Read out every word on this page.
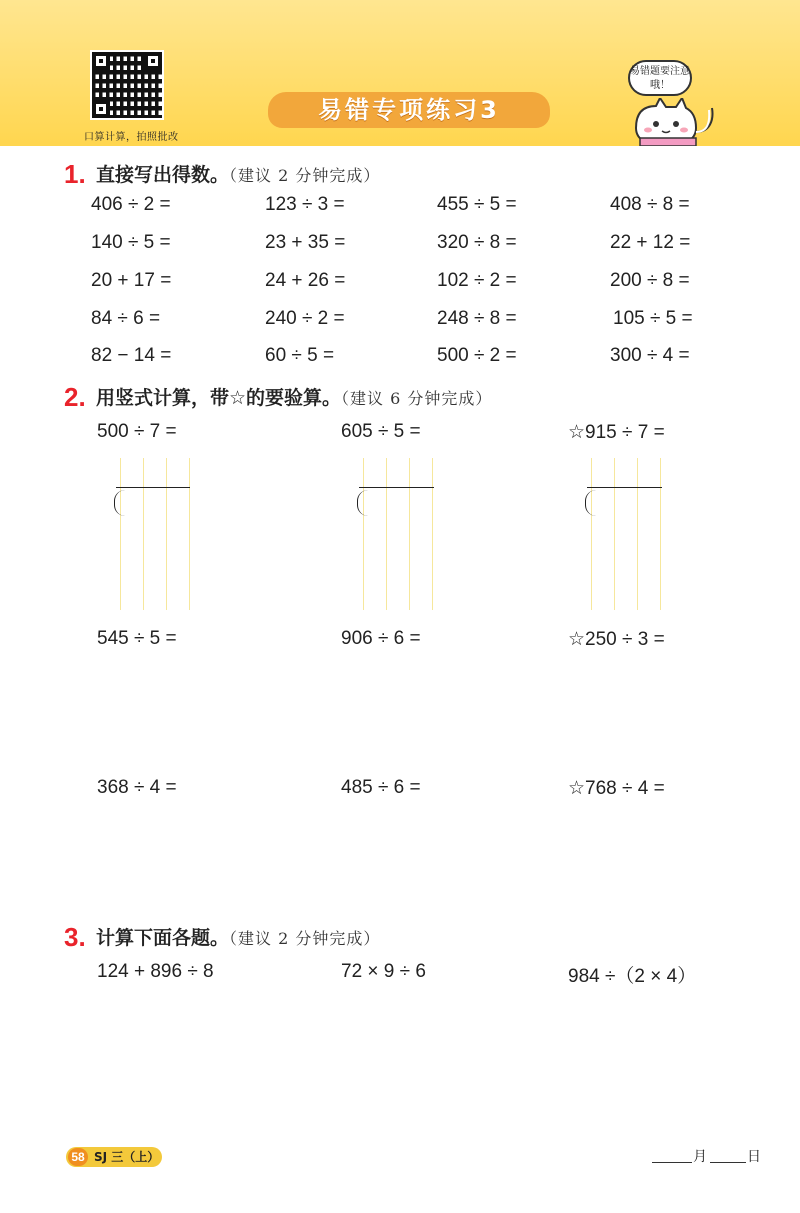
口算计算，拍照批改
易错专项练习3
易错题要注意哦！
1. 直接写出得数。（建议 2 分钟完成）
406 ÷ 2 =	123 ÷ 3 =	455 ÷ 5 =	408 ÷ 8 =
140 ÷ 5 =	23 + 35 =	320 ÷ 8 =	22 + 12 =
20 + 17 =	24 + 26 =	102 ÷ 2 =	200 ÷ 8 =
84 ÷ 6 =	240 ÷ 2 =	248 ÷ 8 =	105 ÷ 5 =
82 − 14 =	60 ÷ 5 =	500 ÷ 2 =	300 ÷ 4 =
2. 用竖式计算，带☆的要验算。（建议 6 分钟完成）
500 ÷ 7 =	605 ÷ 5 =	☆915 ÷ 7 =
545 ÷ 5 =	906 ÷ 6 =	☆250 ÷ 3 =
368 ÷ 4 =	485 ÷ 6 =	☆768 ÷ 4 =
3. 计算下面各题。（建议 2 分钟完成）
124 + 896 ÷ 8	72 × 9 ÷ 6	984 ÷（2 × 4）
58 SJ 三（上）	月	日
